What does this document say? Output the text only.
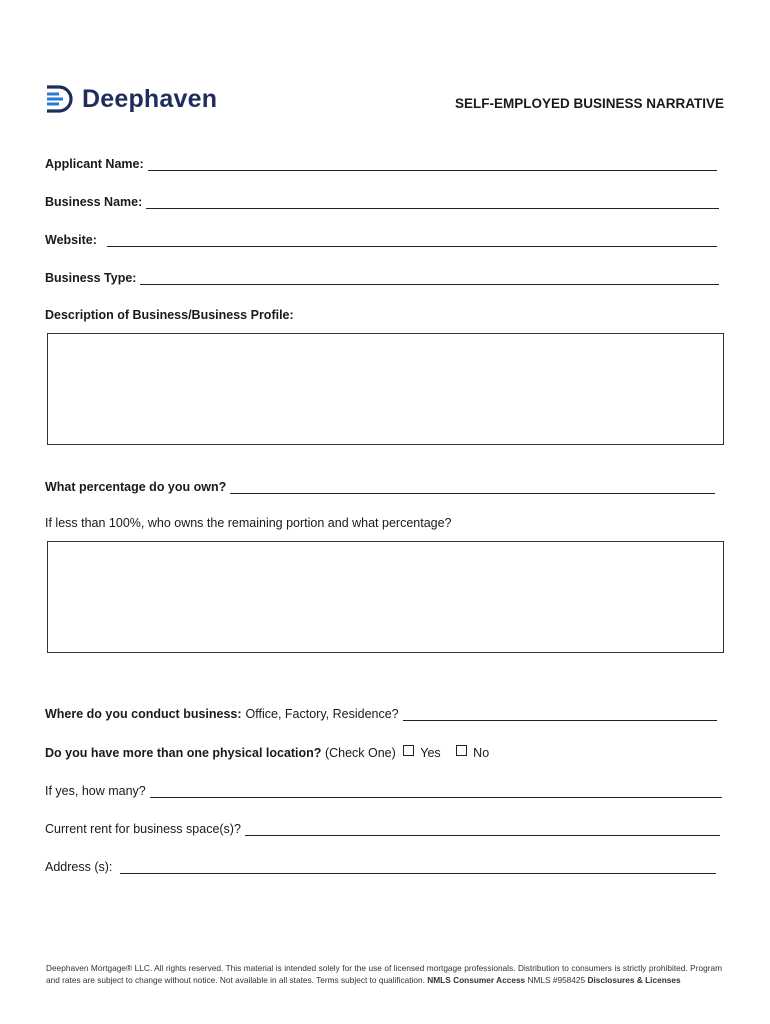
Deephaven	SELF-EMPLOYED BUSINESS NARRATIVE
Applicant Name:
Business Name:
Website:
Business Type:
Description of Business/Business Profile:
What percentage do you own?
If less than 100%, who owns the remaining portion and what percentage?
Where do you conduct business: Office, Factory, Residence?
Do you have more than one physical location? (Check One) Yes	No
If yes, how many?
Current rent for business space(s)?
Address (s):
Deephaven Mortgage® LLC. All rights reserved. This material is intended solely for the use of licensed mortgage professionals. Distribution to consumers is strictly prohibited. Program and rates are subject to change without notice. Not available in all states. Terms subject to qualification. NMLS Consumer Access NMLS #958425 Disclosures & Licenses
